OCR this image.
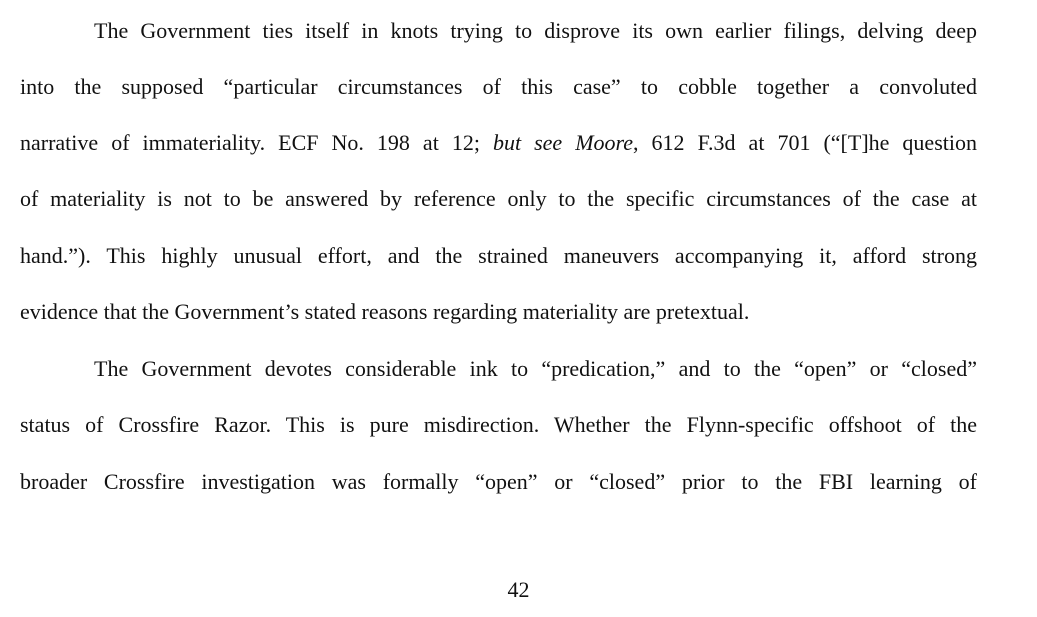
The Government ties itself in knots trying to disprove its own earlier filings, delving deep
into the supposed “particular circumstances of this case” to cobble together a convoluted
narrative of immateriality. ECF No. 198 at 12; but see Moore, 612 F.3d at 701 (“[T]he question
of materiality is not to be answered by reference only to the specific circumstances of the case at
hand.”). This highly unusual effort, and the strained maneuvers accompanying it, afford strong
evidence that the Government’s stated reasons regarding materiality are pretextual.
The Government devotes considerable ink to “predication,” and to the “open” or “closed”
status of Crossfire Razor. This is pure misdirection. Whether the Flynn-specific offshoot of the
broader Crossfire investigation was formally “open” or “closed” prior to the FBI learning of
42
